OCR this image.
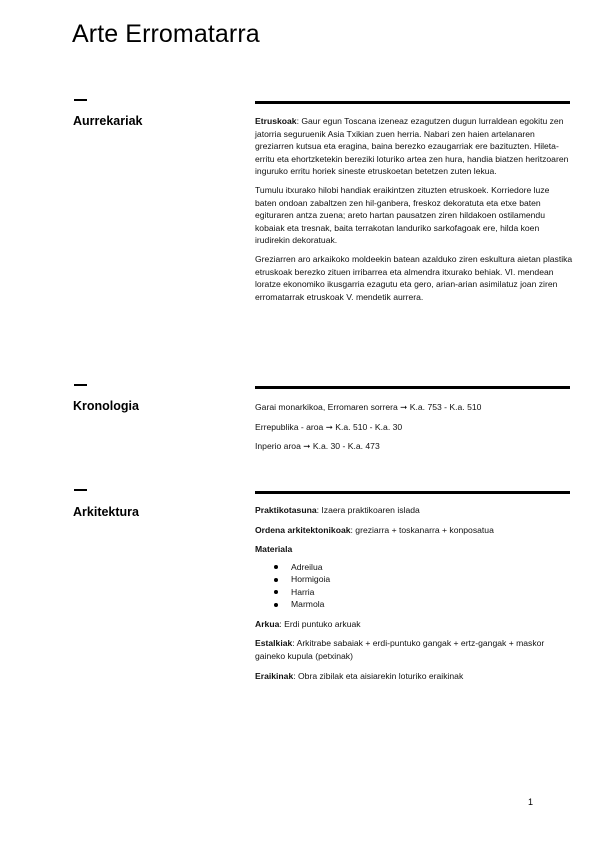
Arte Erromatarra
Aurrekariak	Etruskoak: Gaur egun Toscana izeneaz ezagutzen dugun lurraldean egokitu zen jatorria seguruenik Asia Txikian zuen herria. Nabari zen haien artelanaren greziarren kutsua eta eragina, baina berezko ezaugarriak ere bazituzten. Hileta-erritu eta ehortzketekin bereziki loturiko artea zen hura, handia biatzen heritzoaren inguruko erritu horiek sineste etruskoetan betetzen zuten lekua.

Tumulu itxurako hilobi handiak eraikintzen zituzten etruskoek. Korriedore luze baten ondoan zabaltzen zen hil-ganbera, freskoz dekoratuta eta etxe baten egituraren antza zuena; areto hartan pausatzen ziren hildakoen ostilamendu kobaiak eta tresnak, baita terrakotan landuriko sarkofagoak ere, hilda koen irudirekin dekoratuak.

Greziarren aro arkaikoko moldeekin batean azalduko ziren eskultura aietan plastika etruskoak berezko zituen irribarrea eta almendra itxurako behiak. VI. mendean loratze ekonomiko ikusgarria ezagutu eta gero, arian-arian asimilatuz joan ziren erromatarrak etruskoak V. mendetik aurrera.

Kronologia	Garai monarkikoa, Erromaren sorrera ➞ K.a. 753 - K.a. 510
Errepublika - aroa ➞ K.a. 510 - K.a. 30
Inperio aroa ➞ K.a. 30 - K.a. 473
Arkitektura	Praktikotasuna: Izaera praktikoaren islada
Ordena arkitektonikoak: greziarra + toskanarra + konposatua
Materiala
Adreilua
Hormigoia
Harria
Marmola
Arkua: Erdi puntuko arkuak
Estalkiak: Arkitrabe sabaiak + erdi-puntuko gangak + ertz-gangak + maskor gaineko kupula (petxinak)
Eraikinak: Obra zibilak eta aisiarekin loturiko eraikinak
1
